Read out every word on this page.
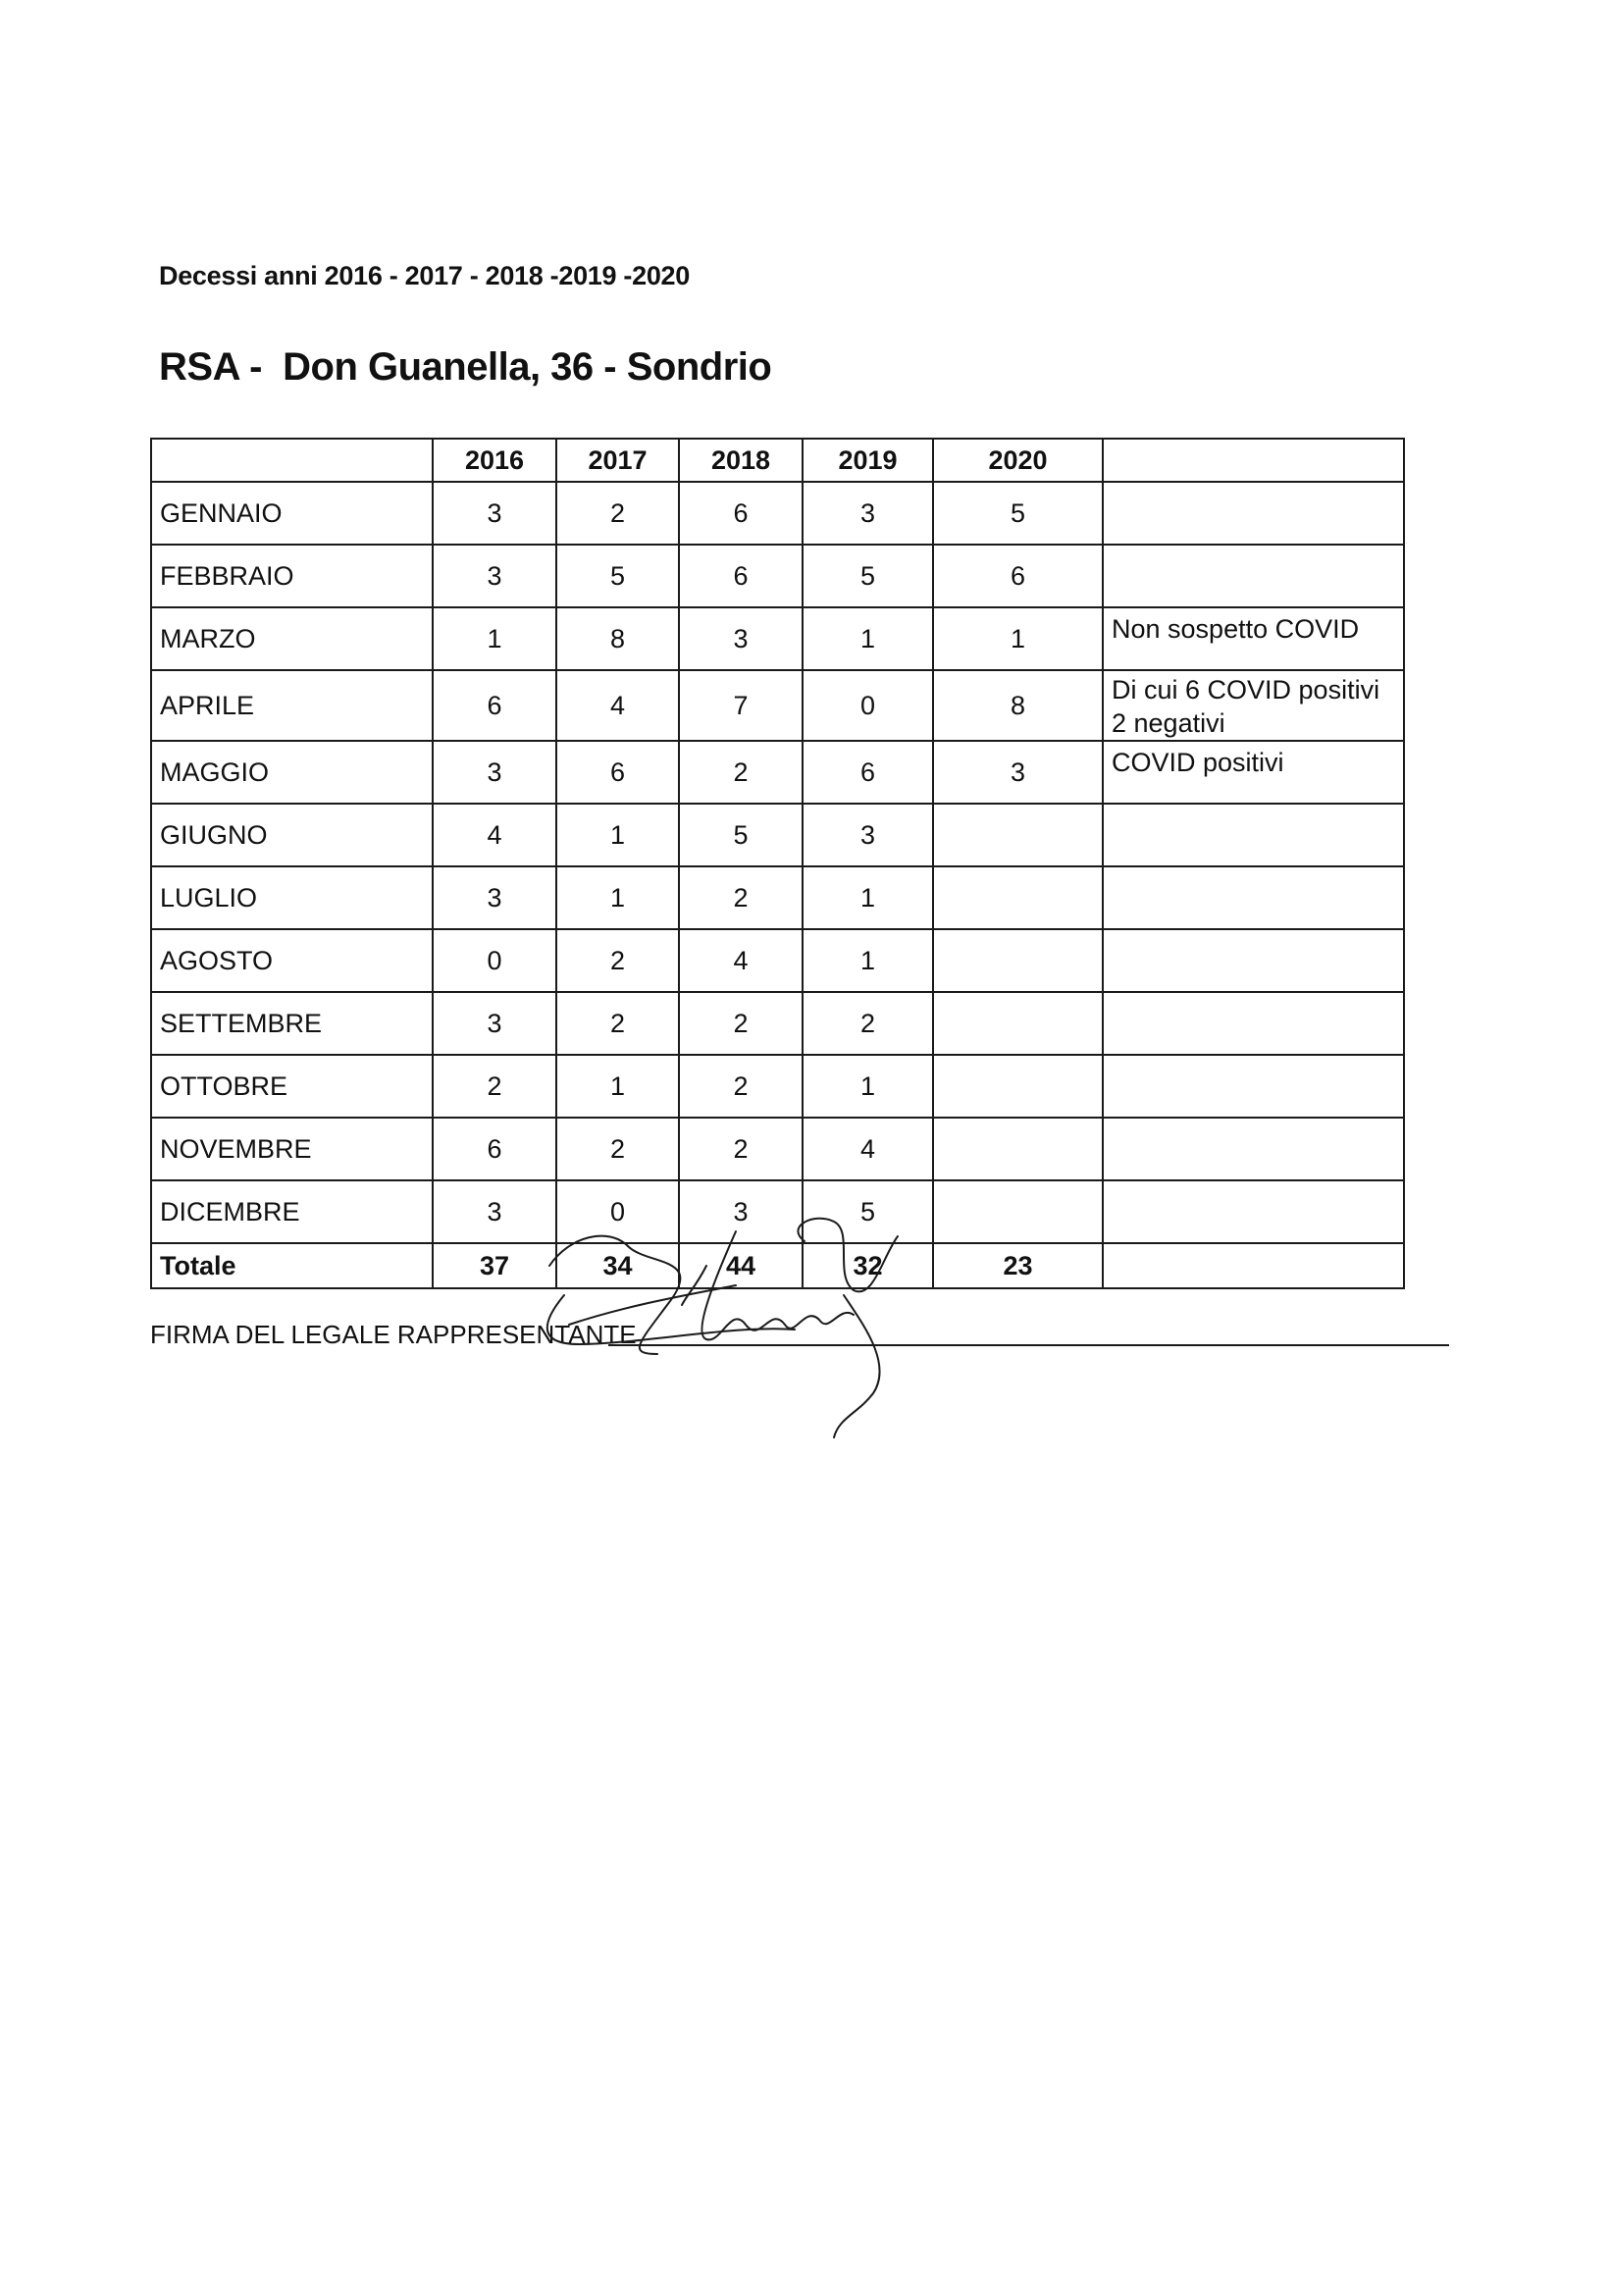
Decessi anni 2016 - 2017 - 2018 -2019 -2020
RSA -  Don Guanella, 36 - Sondrio
	2016	2017	2018	2019	2020	
GENNAIO	3	2	6	3	5	
FEBBRAIO	3	5	6	5	6	
MARZO	1	8	3	1	1	Non sospetto COVID

APRILE	6	4	7	0	8	Di cui 6 COVID positivi
2 negativi

MAGGIO	3	6	2	6	3	COVID positivi

GIUGNO	4	1	5	3		
LUGLIO	3	1	2	1		
AGOSTO	0	2	4	1		
SETTEMBRE	3	2	2	2		
OTTOBRE	2	1	2	1		
NOVEMBRE	6	2	2	4		
DICEMBRE	3	0	3	5		
Totale	37	34	44	32	23	
FIRMA DEL LEGALE RAPPRESENTANTE
